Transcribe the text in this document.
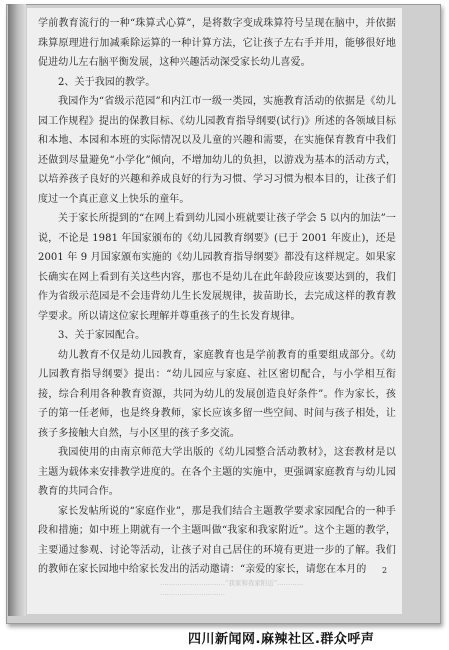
学前教育流行的一种“珠算式心算”，是将数字变成珠算符号呈现在脑中，并依据珠算原理进行加减乘除运算的一种计算方法，它让孩子左右手并用，能够很好地促进幼儿左右脑平衡发展，这种兴趣活动深受家长幼儿喜爱。

2、关于我园的教学。

我园作为“省级示范园”和内江市一级一类园，实施教育活动的依据是《幼儿园工作规程》提出的保教目标、《幼儿园教育指导纲要(试行)》所述的各领域目标和本地、本园和本班的实际情况以及儿童的兴趣和需要，在实施保育教育中我们还做到尽量避免“小学化”倾向，不增加幼儿的负担，以游戏为基本的活动方式，以培养孩子良好的兴趣和养成良好的行为习惯、学习习惯为根本目的，让孩子们度过一个真正意义上快乐的童年。

关于家长所提到的“在网上看到幼儿园小班就要让孩子学会 5 以内的加法”一说，不论是 1981 年国家颁布的《幼儿园教育纲要》(已于 2001 年废止)，还是 2001 年 9 月国家颁布实施的《幼儿园教育指导纲要》都没有这样规定。如果家长确实在网上看到有关这些内容，那也不是幼儿在此年龄段应该要达到的，我们作为省级示范园是不会违背幼儿生长发展规律，拔苗助长，去完成这样的教育教学要求。所以请这位家长理解并尊重孩子的生长发育规律。

3、关于家园配合。

幼儿教育不仅是幼儿园教育，家庭教育也是学前教育的重要组成部分。《幼儿园教育指导纲要》提出：“幼儿园应与家庭、社区密切配合，与小学相互衔接，综合利用各种教育资源，共同为幼儿的发展创造良好条件”。作为家长，孩子的第一任老师，也是终身教师，家长应该多留一些空间、时间与孩子相处，让孩子多接触大自然，与小区里的孩子多交流。

我园使用的由南京师范大学出版的《幼儿园整合活动教材》，这套教材是以主题为载体来安排教学进度的。在各个主题的实施中，更强调家庭教育与幼儿园教育的共同合作。

家长发帖所说的“家庭作业”，那是我们结合主题教学要求家园配合的一种手段和措施；如中班上期就有一个主题叫做“我家和我家附近”。这个主题的教学，主要通过参观、讨论等活动，让孩子对自己居住的环境有更进一步的了解。我们的教师在家长园地中给家长发出的活动邀请：“亲爱的家长，请您在本月的	2
…………………………“我家和我家附近”…………
…………………………
四川新闻网.麻辣社区.群众呼声
